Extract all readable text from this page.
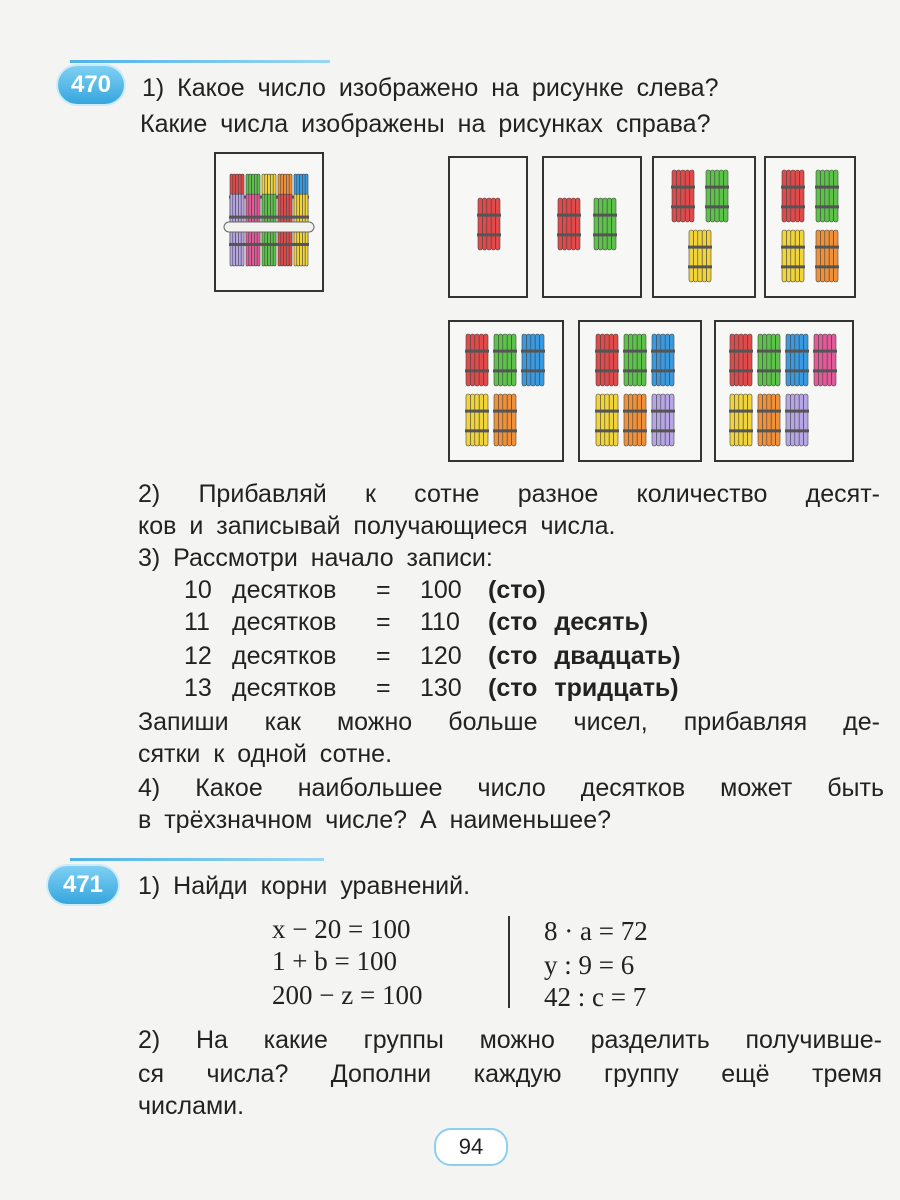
470	1) Какое число изображено на рисунке слева?
Какие числа изображены на рисунках справа?
2) Прибавляй к сотне разное количество десят-
ков и записывай получающиеся числа.
3) Рассмотри начало записи:
10 десятков = 100 (сто)
11 десятков = 110 (сто десять)
12 десятков = 120 (сто двадцать)
13 десятков = 130 (сто тридцать)
Запиши как можно больше чисел, прибавляя де-
сятки к одной сотне.
4) Какое наибольшее число десятков может быть
в трёхзначном числе? А наименьшее?
471	1) Найди корни уравнений.
x − 20 = 100
1 + b = 100
200 − z = 100
8 · a = 72
y : 9 = 6
42 : c = 7
2) На какие группы можно разделить получивше-
ся числа? Дополни каждую группу ещё тремя
числами.
94
